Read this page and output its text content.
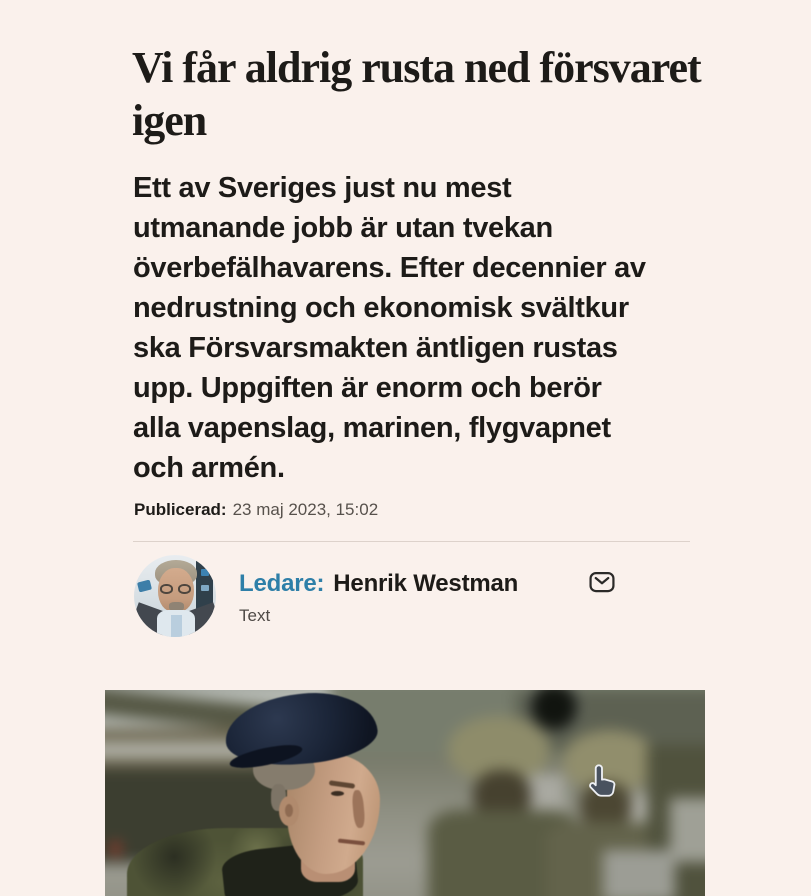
Vi får aldrig rusta ned försvaret igen

Ett av Sveriges just nu mest utmanande jobb är utan tvekan överbefälhavarens. Efter decennier av nedrustning och ekonomisk svältkur ska Försvarsmakten äntligen rustas upp. Uppgiften är enorm och berör alla vapenslag, marinen, flygvapnet och armén.

Publicerad: 23 maj 2023, 15:02
Ledare: Henrik Westman
Text
